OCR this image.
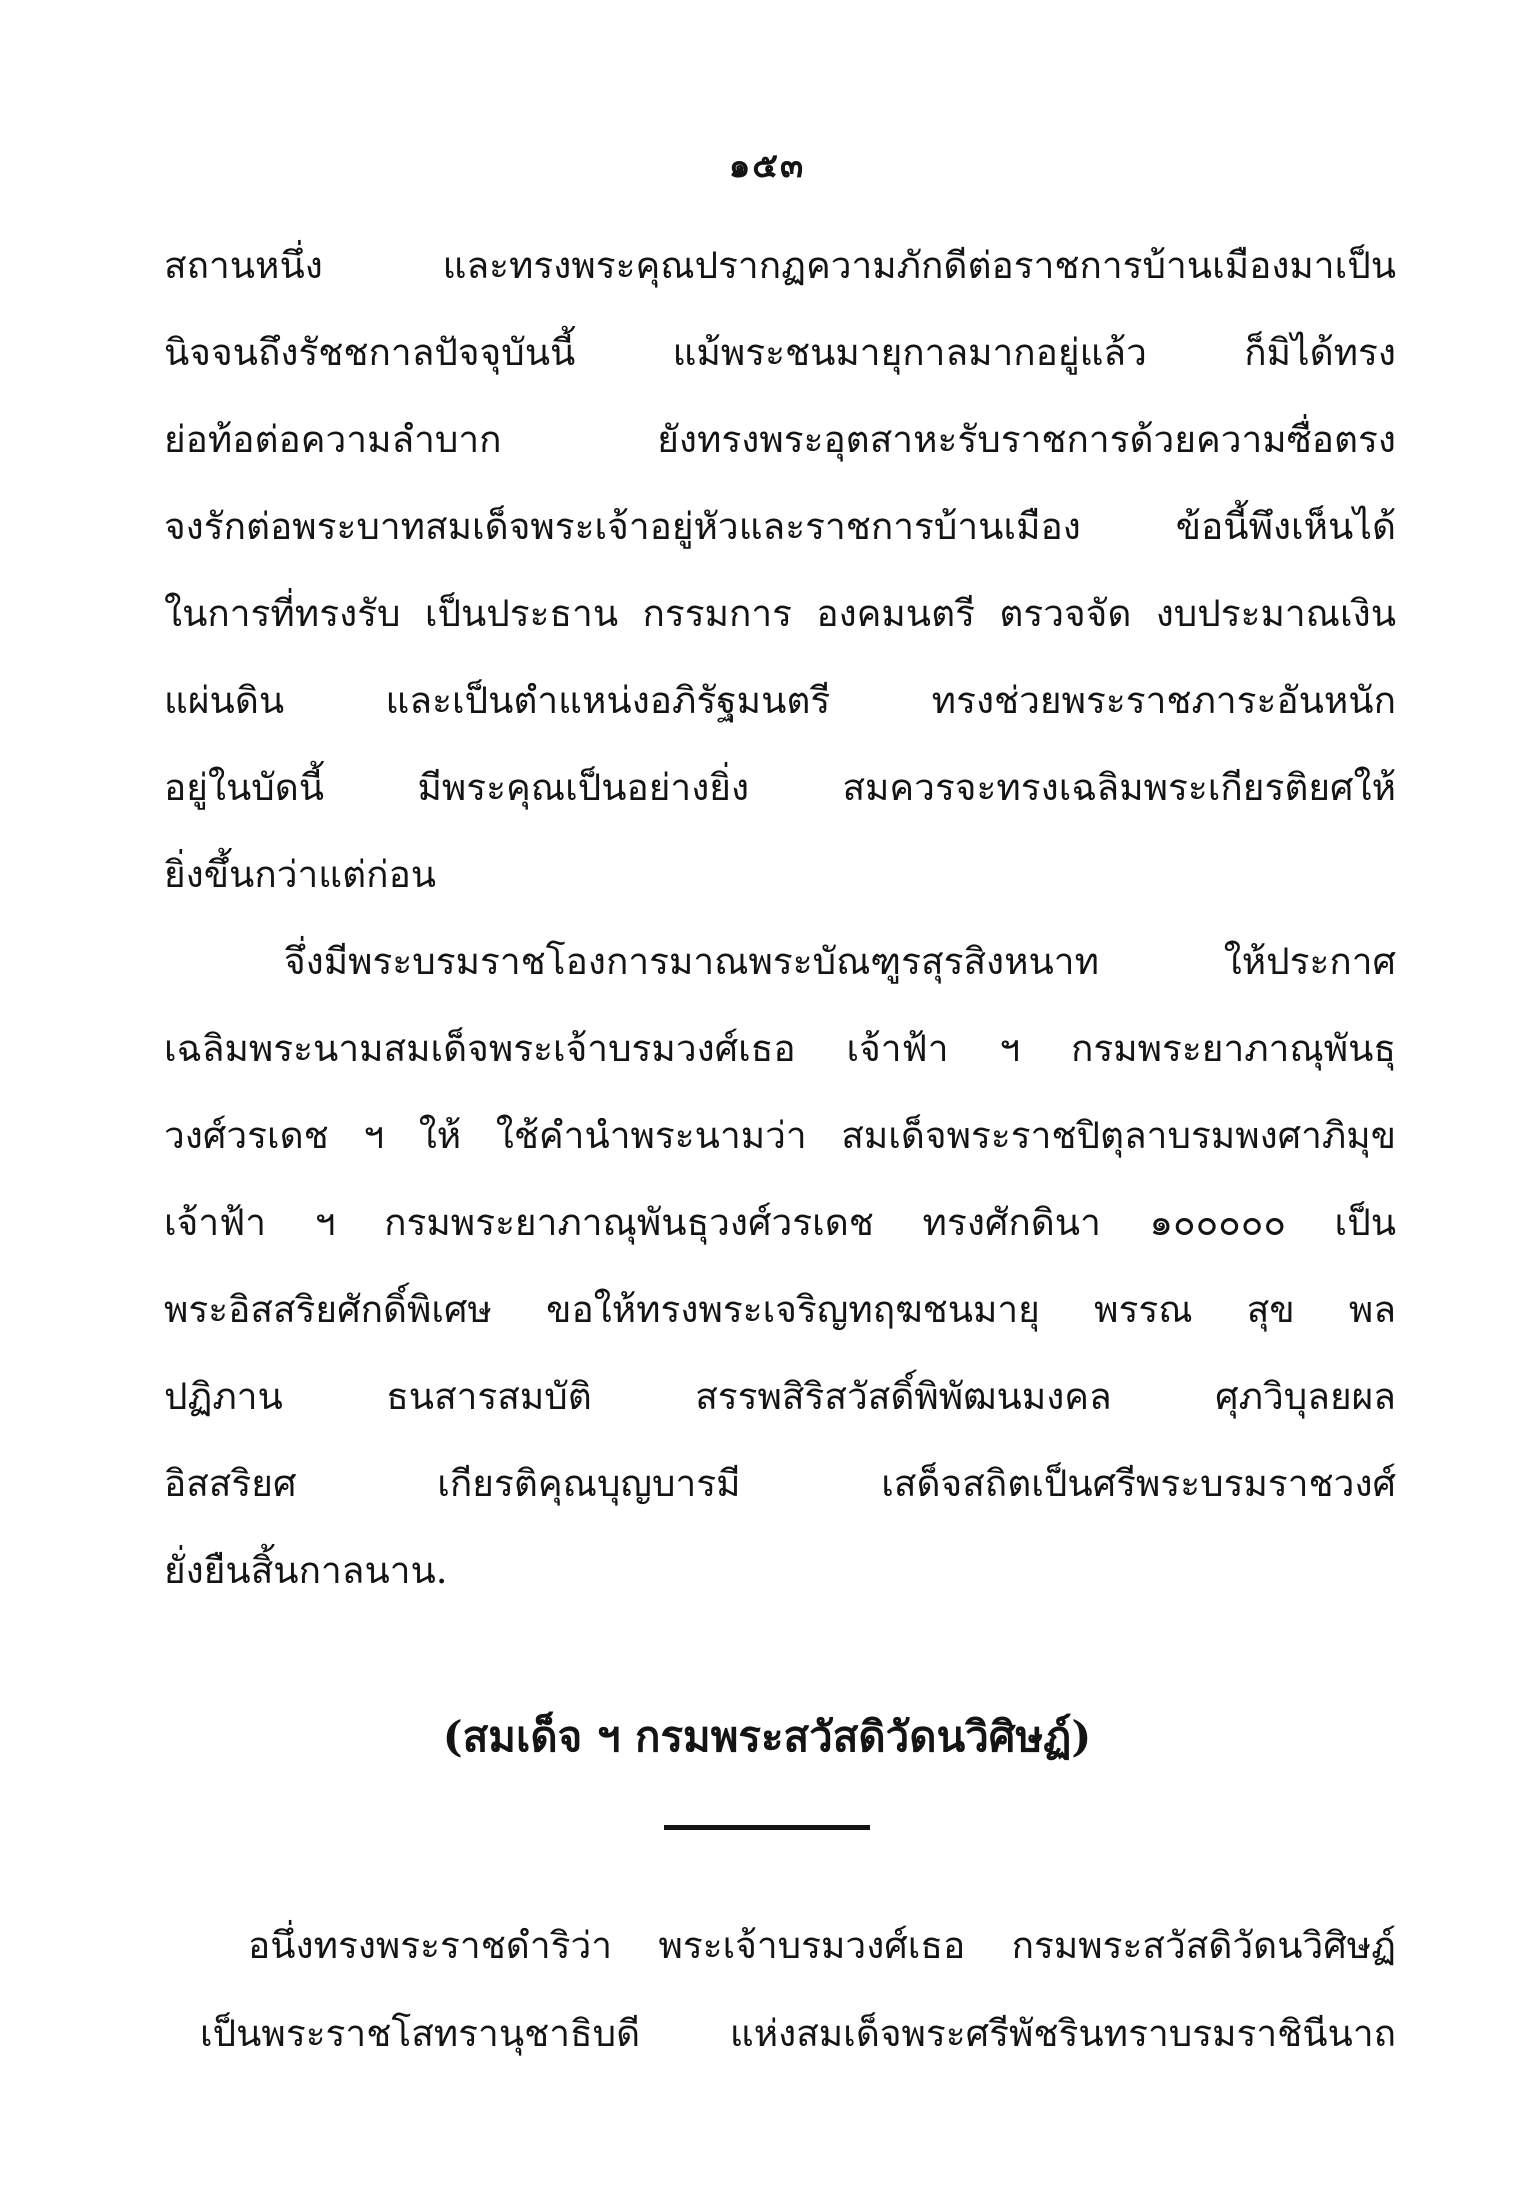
๑๕๓
สถานหนึ่ง และทรงพระคุณปรากฏความภักดีต่อราชการบ้านเมืองมาเป็น
นิจจนถึงรัชชกาลปัจจุบันนี้ แม้พระชนมายุกาลมากอยู่แล้ว ก็มิได้ทรง
ย่อท้อต่อความลำบาก ยังทรงพระอุตสาหะรับราชการด้วยความซื่อตรง
จงรักต่อพระบาทสมเด็จพระเจ้าอยู่หัวและราชการบ้านเมือง ข้อนี้พึงเห็นได้
ในการที่ทรงรับ เป็นประธาน กรรมการ องคมนตรี ตรวจจัด งบประมาณเงิน
แผ่นดิน และเป็นตำแหน่งอภิรัฐมนตรี ทรงช่วยพระราชภาระอันหนัก
อยู่ในบัดนี้ มีพระคุณเป็นอย่างยิ่ง สมควรจะทรงเฉลิมพระเกียรติยศให้
ยิ่งขึ้นกว่าแต่ก่อน
จึ่งมีพระบรมราชโองการมาณพระบัณฑูรสุรสิงหนาท ให้ประกาศ
เฉลิมพระนามสมเด็จพระเจ้าบรมวงศ์เธอ เจ้าฟ้า ฯ กรมพระยาภาณุพันธุ
วงศ์วรเดช ฯ ให้ ใช้คำนำพระนามว่า สมเด็จพระราชปิตุลาบรมพงศาภิมุข
เจ้าฟ้า ฯ กรมพระยาภาณุพันธุวงศ์วรเดช ทรงศักดินา ๑๐๐๐๐๐ เป็น
พระอิสสริยศักดิ์พิเศษ ขอให้ทรงพระเจริญทฤฆชนมายุ พรรณ สุข พล
ปฏิภาน ธนสารสมบัติ สรรพสิริสวัสดิ์พิพัฒนมงคล ศุภวิบุลยผล
อิสสริยศ เกียรติคุณบุญบารมี เสด็จสถิตเป็นศรีพระบรมราชวงศ์
ยั่งยืนสิ้นกาลนาน.
(สมเด็จ ฯ กรมพระสวัสดิวัดนวิศิษฏ์)
อนึ่งทรงพระราชดำริว่า พระเจ้าบรมวงศ์เธอ กรมพระสวัสดิวัดนวิศิษฏ์
เป็นพระราชโสทรานุชาธิบดี แห่งสมเด็จพระศรีพัชรินทราบรมราชินีนาถ
